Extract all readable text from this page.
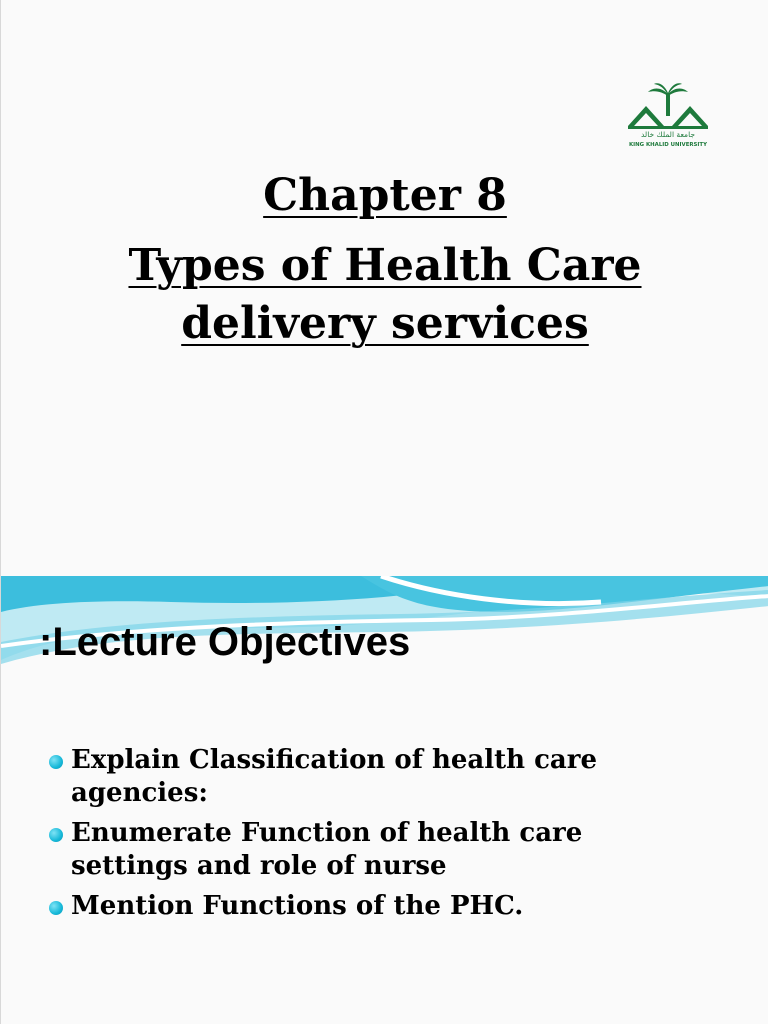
جامعة الملك خالد
KING KHALID UNIVERSITY
Chapter 8
Types of Health Care
delivery services
:Lecture Objectives
Explain Classification of health care agencies:
Enumerate Function of health care settings and role of nurse
Mention Functions of the PHC.
